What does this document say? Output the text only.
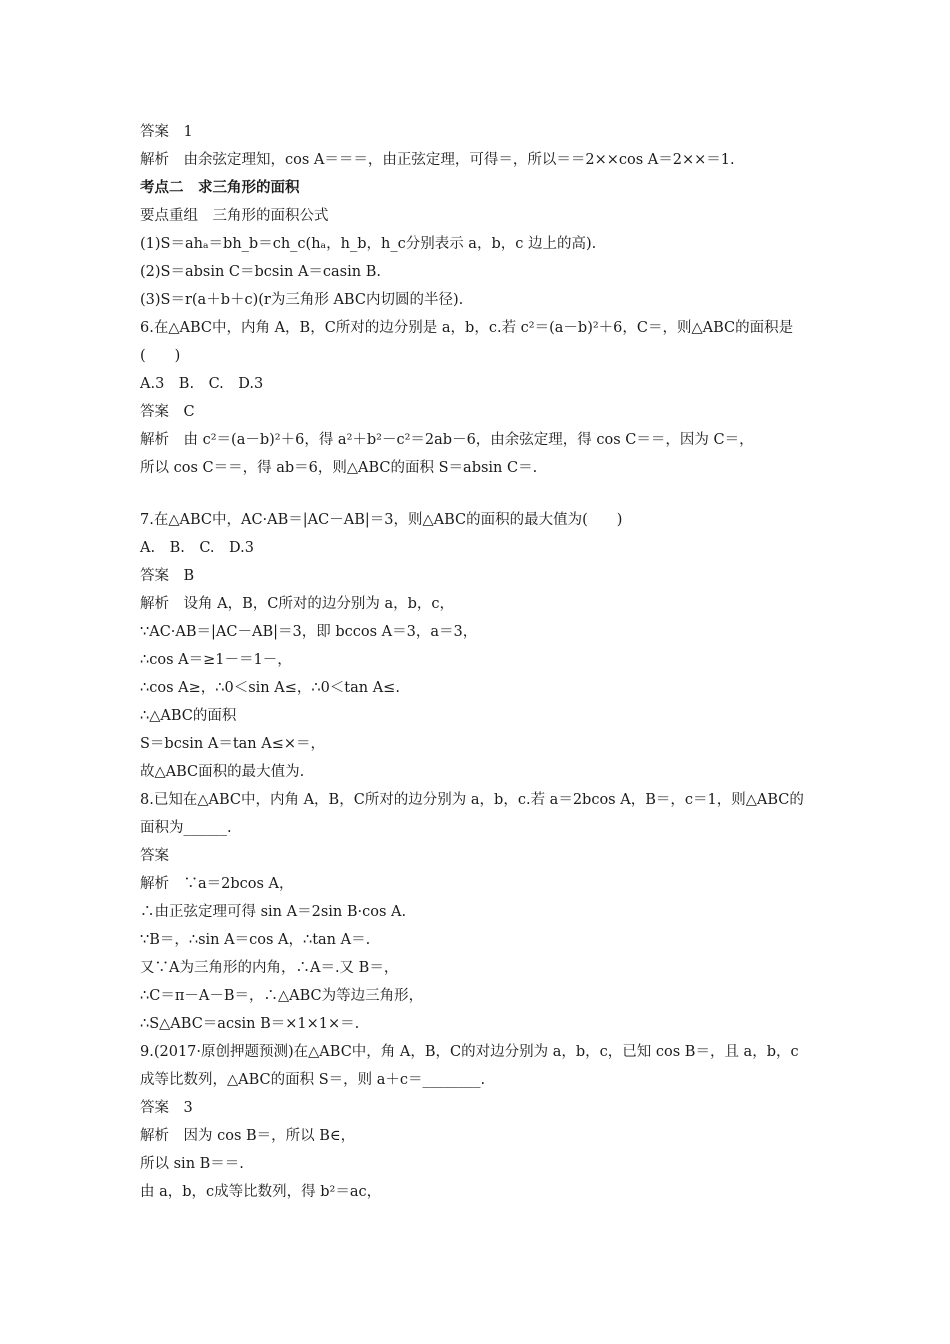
答案　1
解析　由余弦定理知，cos A＝＝＝，由正弦定理，可得＝，所以＝＝2××cos A＝2××＝1.
考点二　求三角形的面积
要点重组　三角形的面积公式
(1)S＝ahₐ＝bh_b＝ch_c(hₐ，h_b，h_c分别表示 a，b，c 边上的高).
(2)S＝absin C＝bcsin A＝casin B.
(3)S＝r(a＋b＋c)(r为三角形 ABC内切圆的半径).
6.在△ABC中，内角 A，B，C所对的边分别是 a，b，c.若 c²＝(a－b)²＋6，C＝，则△ABC的面积是
(　　)
A.3　B.　C.　D.3
答案　C
解析　由 c²＝(a－b)²＋6，得 a²＋b²－c²＝2ab－6，由余弦定理，得 cos C＝＝，因为 C＝，
所以 cos C＝＝，得 ab＝6，则△ABC的面积 S＝absin C＝.
7.在△ABC中，AC·AB＝|AC－AB|＝3，则△ABC的面积的最大值为(　　)
A.　B.　C.　D.3
答案　B
解析　设角 A，B，C所对的边分别为 a，b，c，
∵AC·AB＝|AC－AB|＝3，即 bccos A＝3，a＝3，
∴cos A＝≥1－＝1－，
∴cos A≥，∴0＜sin A≤，∴0＜tan A≤.
∴△ABC的面积
S＝bcsin A＝tan A≤×＝，
故△ABC面积的最大值为.
8.已知在△ABC中，内角 A，B，C所对的边分别为 a，b，c.若 a＝2bcos A，B＝，c＝1，则△ABC的
面积为______.
答案
解析　∵a＝2bcos A，
∴由正弦定理可得 sin A＝2sin B·cos A.
∵B＝，∴sin A＝cos A，∴tan A＝.
又∵A为三角形的内角，∴A＝.又 B＝，
∴C＝π－A－B＝，∴△ABC为等边三角形，
∴S△ABC＝acsin B＝×1×1×＝.
9.(2017·原创押题预测)在△ABC中，角 A，B，C的对边分别为 a，b，c，已知 cos B＝，且 a，b，c
成等比数列，△ABC的面积 S＝，则 a＋c＝________.
答案　3
解析　因为 cos B＝，所以 B∈，
所以 sin B＝＝.
由 a，b，c成等比数列，得 b²＝ac，
